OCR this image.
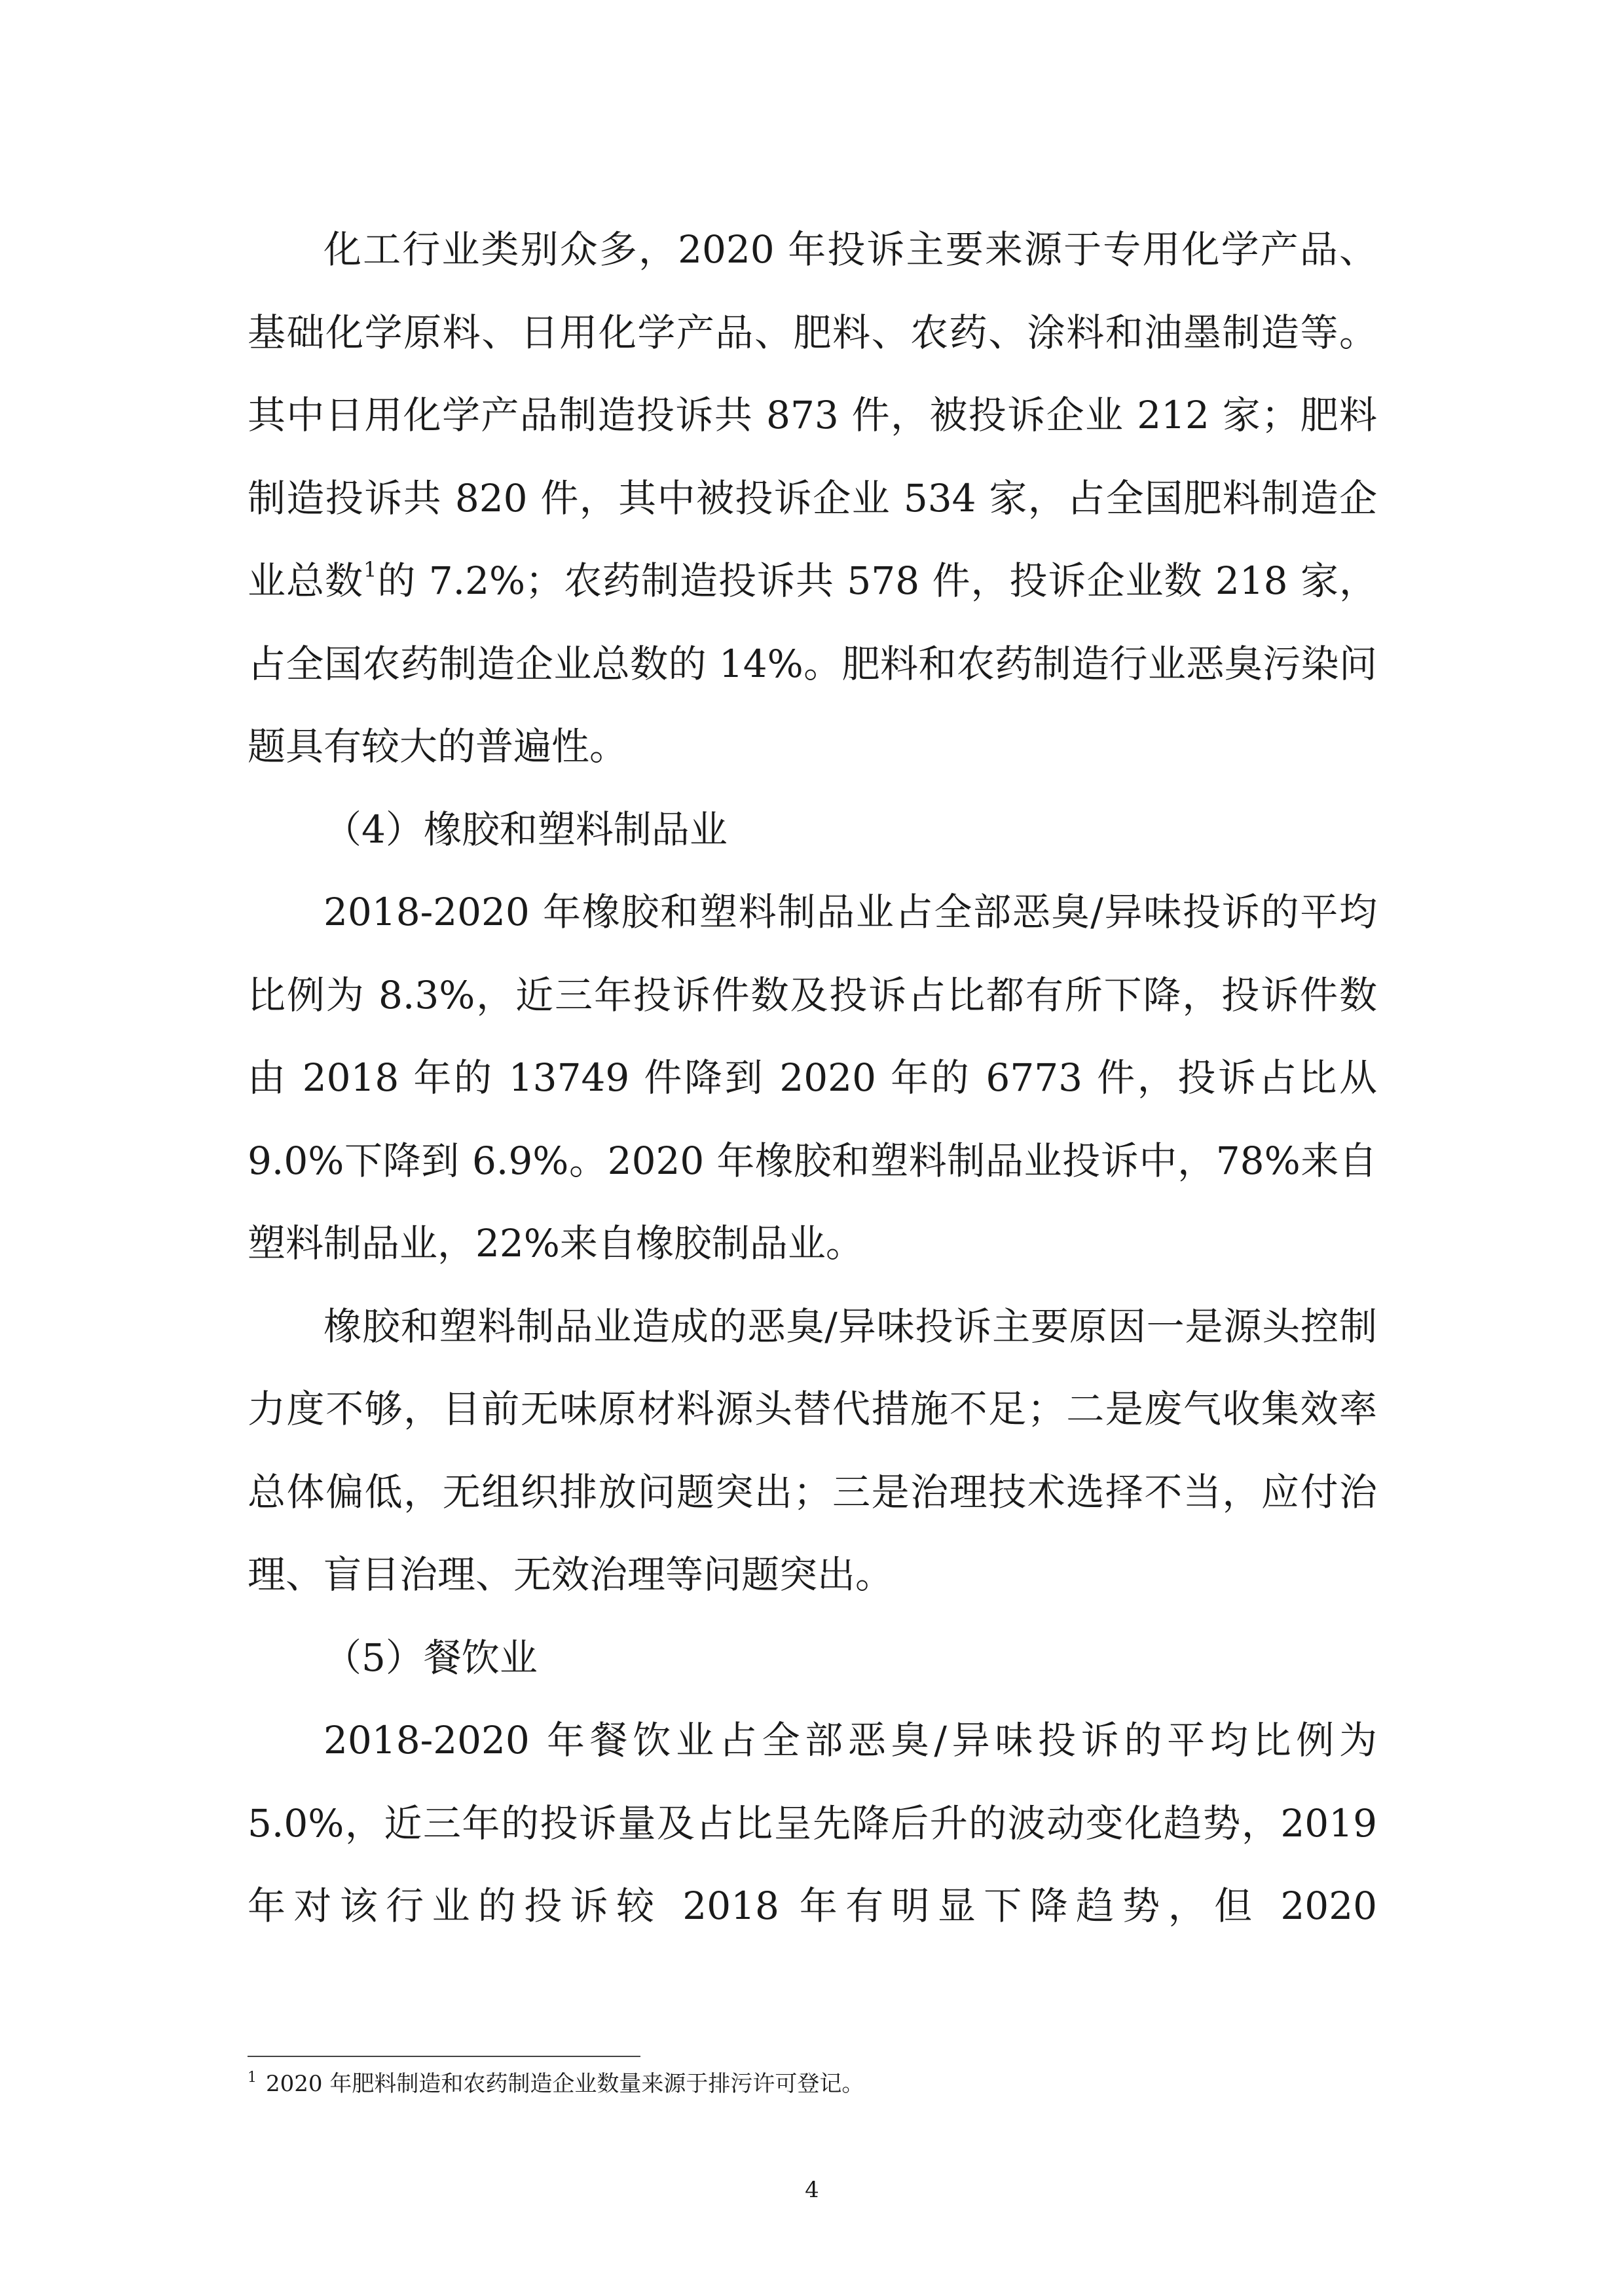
化工行业类别众多，2020 年投诉主要来源于专用化学产品、基础化学原料、日用化学产品、肥料、农药、涂料和油墨制造等。其中日用化学产品制造投诉共 873 件，被投诉企业 212 家；肥料制造投诉共 820 件，其中被投诉企业 534 家，占全国肥料制造企业总数$^1$的 7.2%；农药制造投诉共 578 件，投诉企业数 218 家，占全国农药制造企业总数的 14%。肥料和农药制造行业恶臭污染问题具有较大的普遍性。

（4）橡胶和塑料制品业

2018-2020 年橡胶和塑料制品业占全部恶臭/异味投诉的平均比例为 8.3%，近三年投诉件数及投诉占比都有所下降，投诉件数由 2018 年的 13749 件降到 2020 年的 6773 件，投诉占比从 9.0%下降到 6.9%。2020 年橡胶和塑料制品业投诉中，78%来自塑料制品业，22%来自橡胶制品业。

橡胶和塑料制品业造成的恶臭/异味投诉主要原因一是源头控制力度不够，目前无味原材料源头替代措施不足；二是废气收集效率总体偏低，无组织排放问题突出；三是治理技术选择不当，应付治理、盲目治理、无效治理等问题突出。

（5）餐饮业

2018-2020 年餐饮业占全部恶臭/异味投诉的平均比例为 5.0%，近三年的投诉量及占比呈先降后升的波动变化趋势，2019 年对该行业的投诉较 2018 年有明显下降趋势，但 2020

$^1$ 2020 年肥料制造和农药制造企业数量来源于排污许可登记。
4
